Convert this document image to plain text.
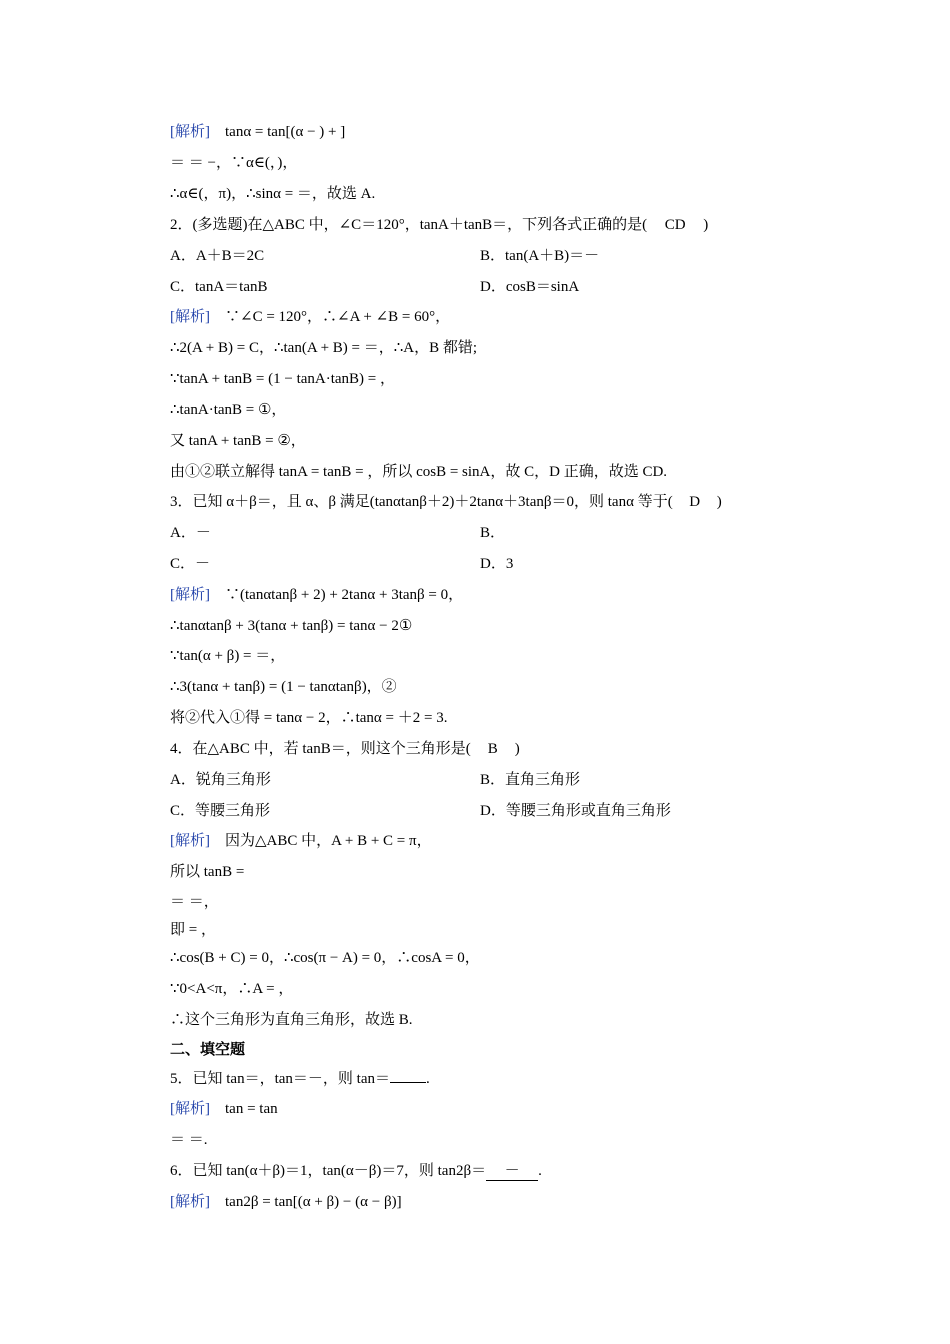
[解析] tanα = tan[(α − ) + ]
＝ ＝ −，∵α∈(，)，
∴α∈(，π)，∴sinα = ＝，故选 A.
2．(多选题)在△ABC 中，∠C＝120°，tanA＋tanB＝，下列各式正确的是( CD )
A．A＋B＝2C	B．tan(A＋B)＝－
C．tanA＝tanB	D．cosB＝sinA
[解析] ∵∠C = 120°，∴∠A + ∠B = 60°，
∴2(A + B) = C，∴tan(A + B) = ＝，∴A，B 都错;
∵tanA + tanB = (1 − tanA·tanB) = ，
∴tanA·tanB = ①，
又 tanA + tanB = ②，
由①②联立解得 tanA = tanB = ，所以 cosB = sinA，故 C，D 正确，故选 CD.
3．已知 α＋β＝，且 α、β 满足(tanαtanβ＋2)＋2tanα＋3tanβ＝0，则 tanα 等于( D )
A．－	B．
C．－	D．3
[解析] ∵(tanαtanβ + 2) + 2tanα + 3tanβ = 0，
∴tanαtanβ + 3(tanα + tanβ) = tanα − 2①
∵tan(α + β) = ＝，
∴3(tanα + tanβ) = (1 − tanαtanβ)，②
将②代入①得 = tanα − 2，∴tanα = ＋2 = 3.
4．在△ABC 中，若 tanB＝，则这个三角形是( B )
A．锐角三角形	B．直角三角形
C．等腰三角形	D．等腰三角形或直角三角形
[解析] 因为△ABC 中，A + B + C = π，
所以 tanB =
＝ ＝，
即 = ，
∴cos(B + C) = 0，∴cos(π − A) = 0，∴cosA = 0，
∵0<A<π，∴A = ，
∴这个三角形为直角三角形，故选 B.
二、填空题
5．已知 tan＝，tan＝－，则 tan＝ .
[解析] tan = tan
＝ ＝.
6．已知 tan(α＋β)＝1，tan(α－β)＝7，则 tan2β＝ － .
[解析] tan2β = tan[(α + β) − (α − β)]
